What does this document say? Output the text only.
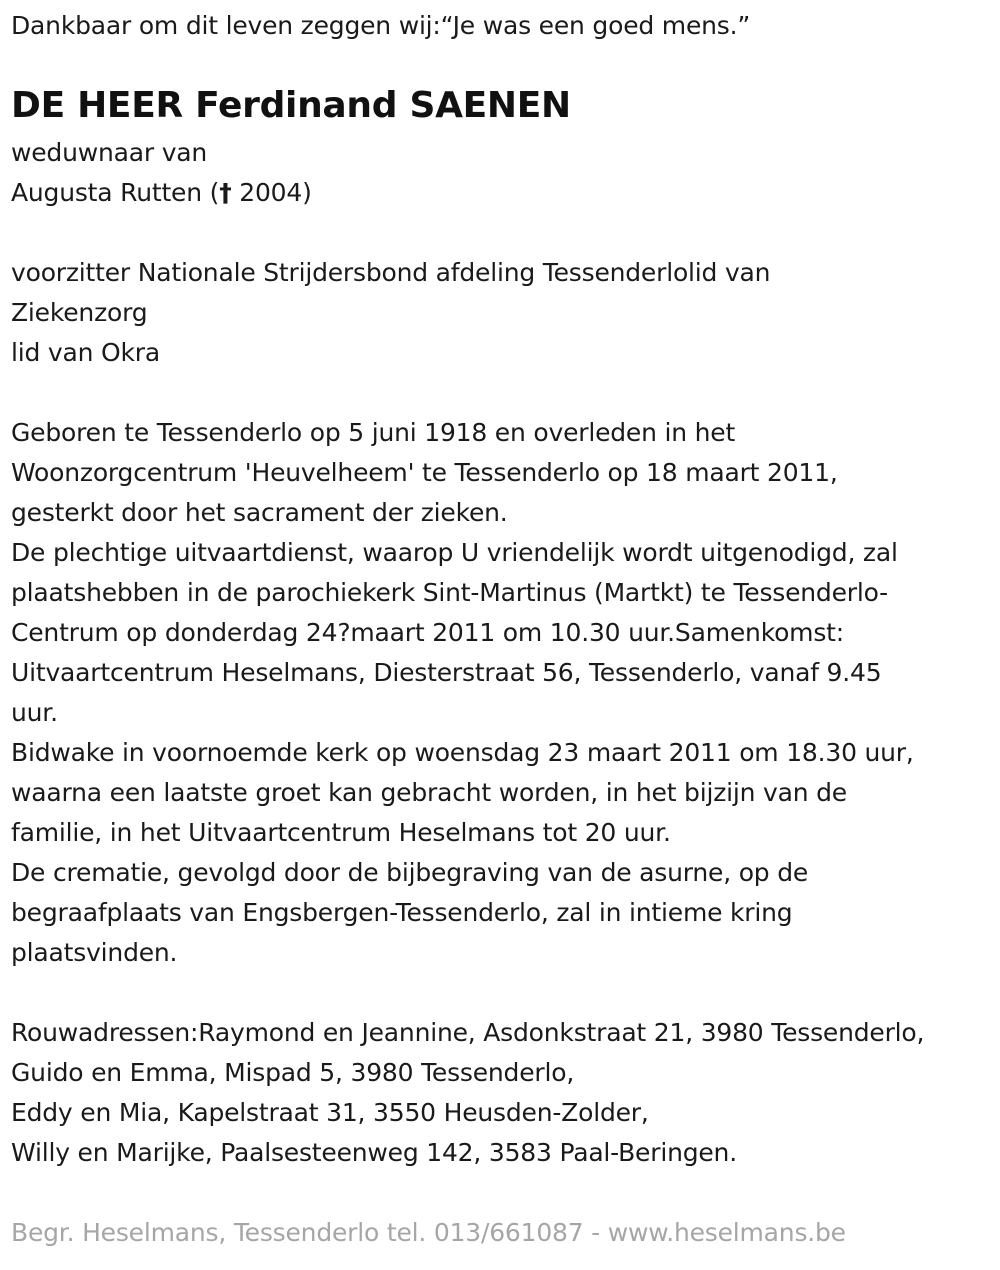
Dankbaar om dit leven zeggen wij:“Je was een goed mens.”
DE HEER Ferdinand SAENEN
weduwnaar van
Augusta Rutten († 2004)
voorzitter Nationale Strijdersbond afdeling Tessenderlolid van
Ziekenzorg
lid van Okra
Geboren te Tessenderlo op 5 juni 1918 en overleden in het
Woonzorgcentrum 'Heuvelheem' te Tessenderlo op 18 maart 2011,
gesterkt door het sacrament der zieken.
De plechtige uitvaartdienst, waarop U vriendelijk wordt uitgenodigd, zal
plaatshebben in de parochiekerk Sint-Martinus (Martkt) te Tessenderlo-
Centrum op donderdag 24?maart 2011 om 10.30 uur.Samenkomst:
Uitvaartcentrum Heselmans, Diesterstraat 56, Tessenderlo, vanaf 9.45
uur.
Bidwake in voornoemde kerk op woensdag 23 maart 2011 om 18.30 uur,
waarna een laatste groet kan gebracht worden, in het bijzijn van de
familie, in het Uitvaartcentrum Heselmans tot 20 uur.
De crematie, gevolgd door de bijbegraving van de asurne, op de
begraafplaats van Engsbergen-Tessenderlo, zal in intieme kring
plaatsvinden.
Rouwadressen:Raymond en Jeannine, Asdonkstraat 21, 3980 Tessenderlo,
Guido en Emma, Mispad 5, 3980 Tessenderlo,
Eddy en Mia, Kapelstraat 31, 3550 Heusden-Zolder,
Willy en Marijke, Paalsesteenweg 142, 3583 Paal-Beringen.
Begr. Heselmans, Tessenderlo tel. 013/661087 - www.heselmans.be
